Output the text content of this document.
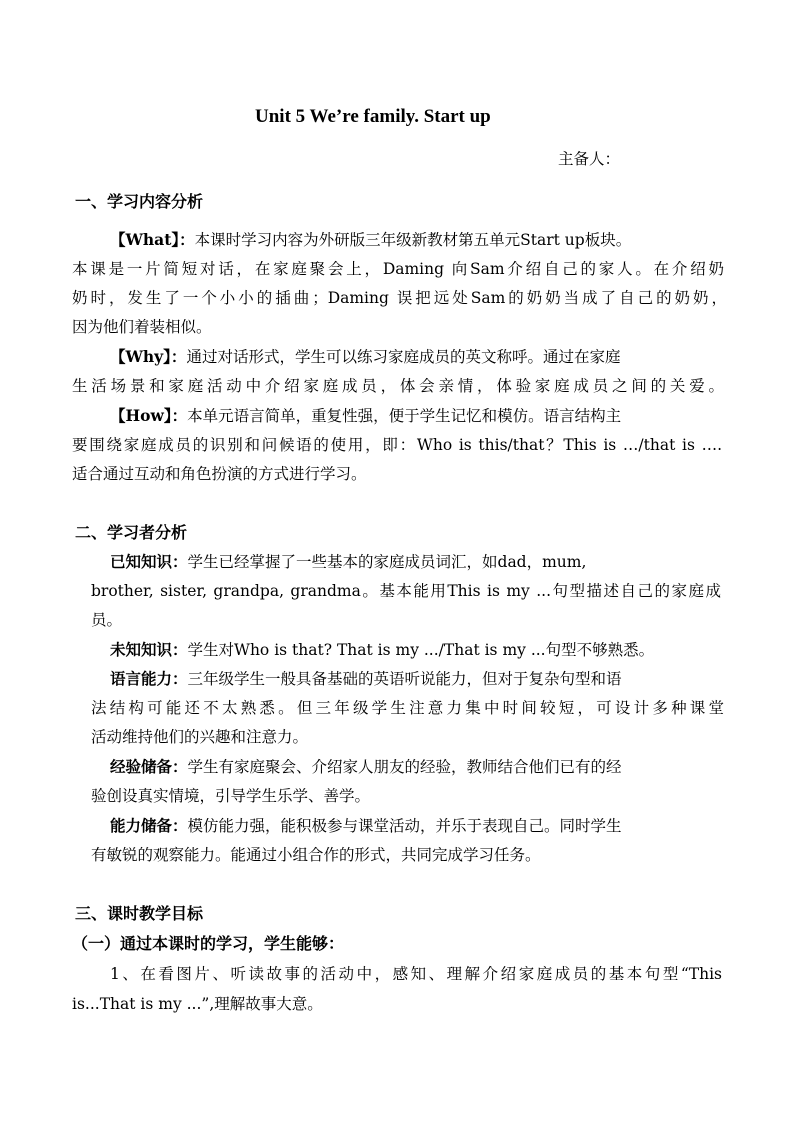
Unit 5 We’re family. Start up
主备人：
一、学习内容分析
【What】：本课时学习内容为外研版三年级新教材第五单元Start up板块。
本课是一片简短对话，在家庭聚会上，Daming 向Sam介绍自己的家人。在介绍奶
奶时，发生了一个小小的插曲；Daming 误把远处Sam的奶奶当成了自己的奶奶，
因为他们着装相似。
【Why】：通过对话形式，学生可以练习家庭成员的英文称呼。通过在家庭
生活场景和家庭活动中介绍家庭成员，体会亲情，体验家庭成员之间的关爱。
【How】：本单元语言简单，重复性强，便于学生记忆和模仿。语言结构主
要围绕家庭成员的识别和问候语的使用，即：Who is this/that？This is …/that is ….
适合通过互动和角色扮演的方式进行学习。
二、学习者分析
已知知识：学生已经掌握了一些基本的家庭成员词汇，如dad，mum,
brother, sister, grandpa, grandma。基本能用This is my ...句型描述自己的家庭成
员。
未知知识：学生对Who is that? That is my .../That is my ...句型不够熟悉。
语言能力：三年级学生一般具备基础的英语听说能力，但对于复杂句型和语
法结构可能还不太熟悉。但三年级学生注意力集中时间较短，可设计多种课堂
活动维持他们的兴趣和注意力。
经验储备：学生有家庭聚会、介绍家人朋友的经验，教师结合他们已有的经
验创设真实情境，引导学生乐学、善学。
能力储备：模仿能力强，能积极参与课堂活动，并乐于表现自己。同时学生
有敏锐的观察能力。能通过小组合作的形式，共同完成学习任务。
三、课时教学目标
（一）通过本课时的学习，学生能够：
1、在看图片、听读故事的活动中，感知、理解介绍家庭成员的基本句型“This
is...That is my ...”,理解故事大意。
